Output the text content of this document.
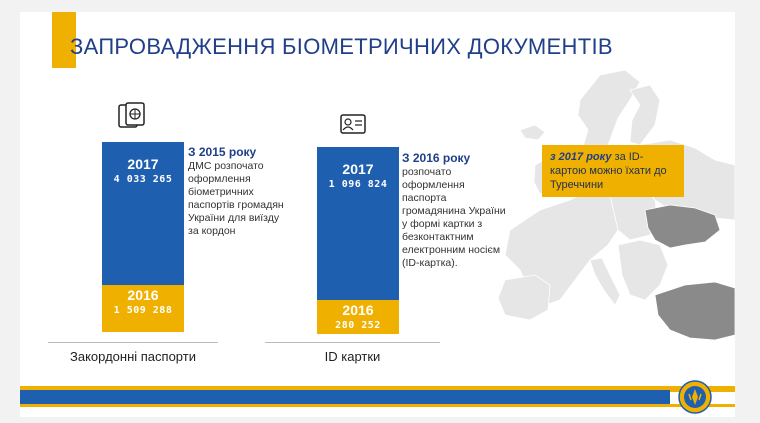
ЗАПРОВАДЖЕННЯ БІОМЕТРИЧНИХ ДОКУМЕНТІВ
2017
4 033 265
2016
1 509 288
З 2015 року
ДМС розпочато оформлення біометричних паспортів громадян України для виїзду за кордон
Закордонні паспорти
2017
1 096 824
2016
280 252
З 2016 року
розпочато оформлення паспорта громадянина України у формі картки з безконтактним електронним носієм (ID-картка).
ID картки
з 2017 року за ID-картою можно їхати до Туреччини
